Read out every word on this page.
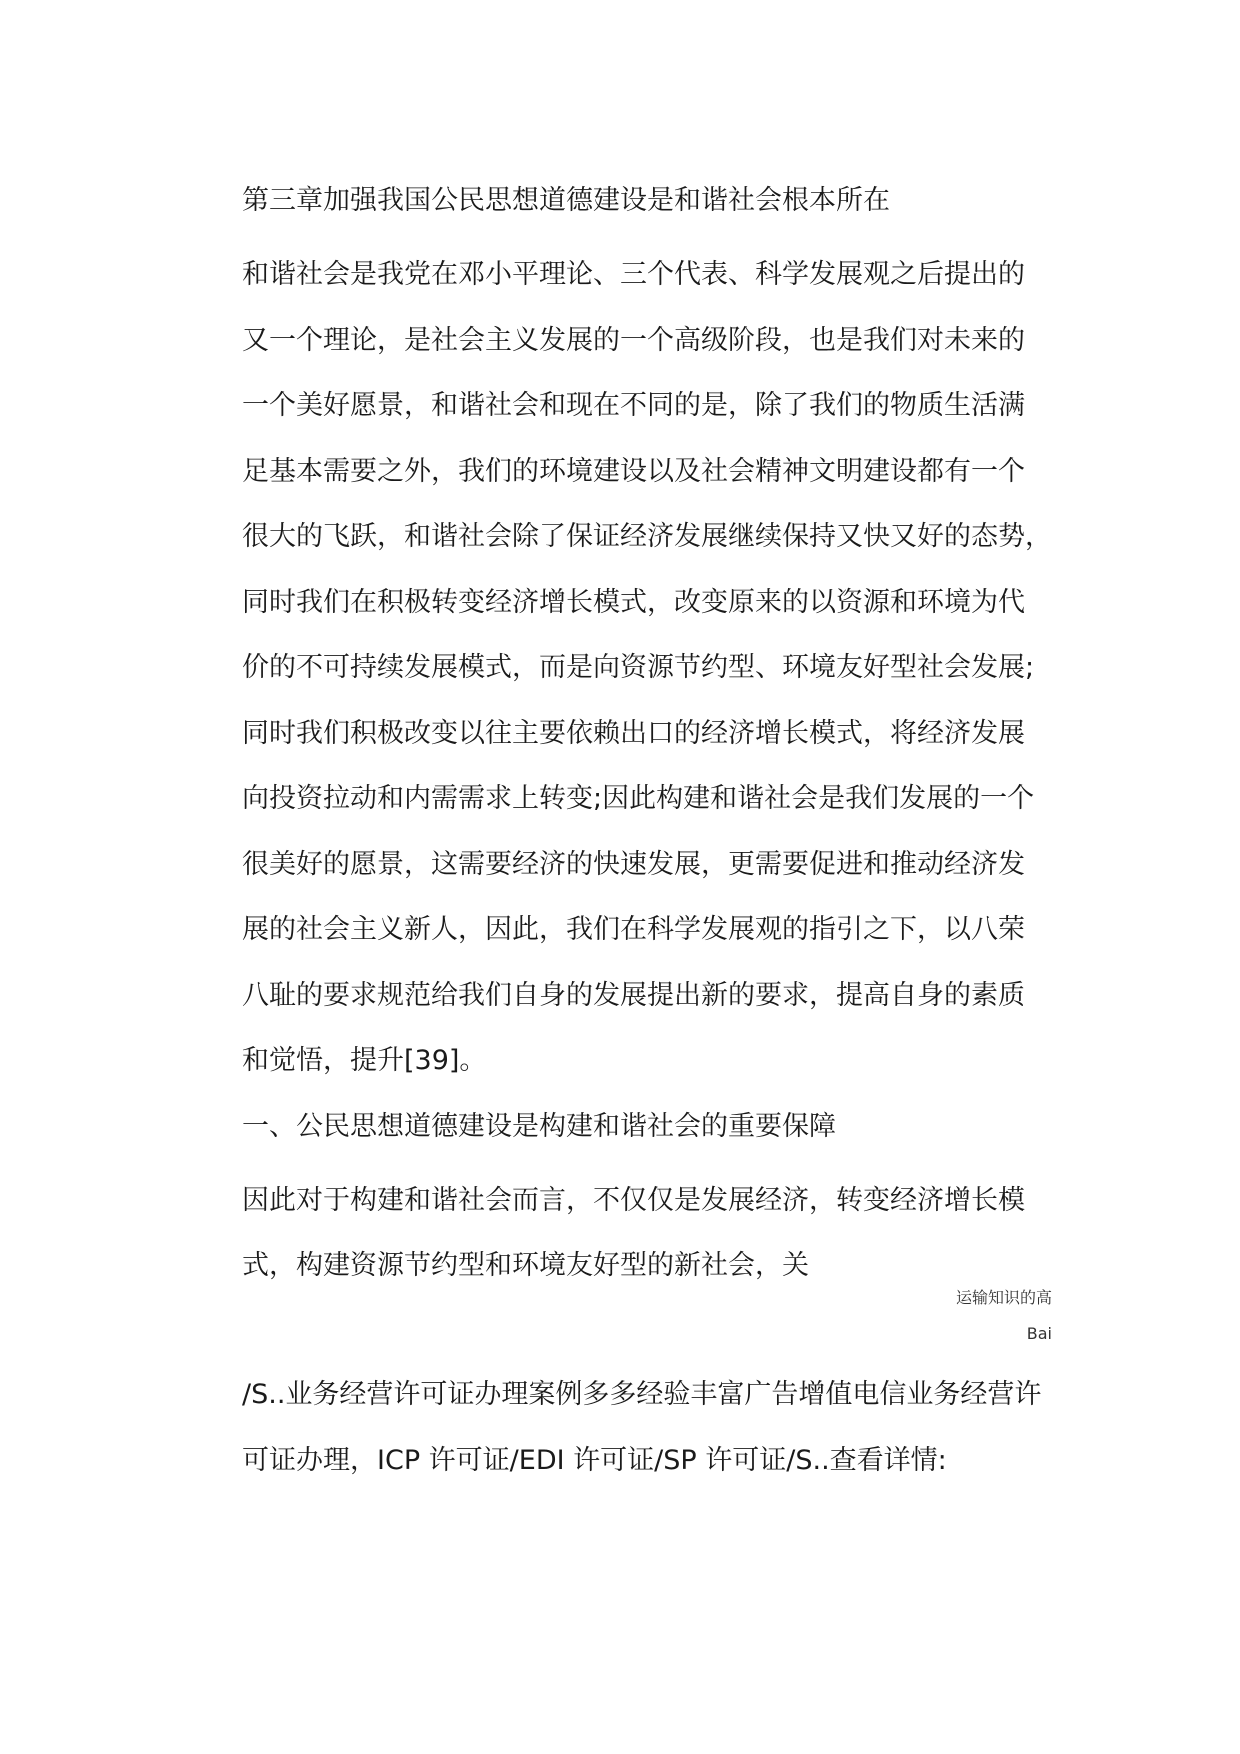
第三章加强我国公民思想道德建设是和谐社会根本所在

和谐社会是我党在邓小平理论、三个代表、科学发展观之后提出的
又一个理论，是社会主义发展的一个高级阶段，也是我们对未来的
一个美好愿景，和谐社会和现在不同的是，除了我们的物质生活满
足基本需要之外，我们的环境建设以及社会精神文明建设都有一个
很大的飞跃，和谐社会除了保证经济发展继续保持又快又好的态势，
同时我们在积极转变经济增长模式，改变原来的以资源和环境为代
价的不可持续发展模式，而是向资源节约型、环境友好型社会发展;
同时我们积极改变以往主要依赖出口的经济增长模式，将经济发展
向投资拉动和内需需求上转变;因此构建和谐社会是我们发展的一个
很美好的愿景，这需要经济的快速发展，更需要促进和推动经济发
展的社会主义新人，因此，我们在科学发展观的指引之下，以八荣
八耻的要求规范给我们自身的发展提出新的要求，提高自身的素质
和觉悟，提升[39]。

一、公民思想道德建设是构建和谐社会的重要保障

因此对于构建和谐社会而言，不仅仅是发展经济，转变经济增长模
式，构建资源节约型和环境友好型的新社会，关

运输知识的高
Bai

/S..业务经营许可证办理案例多多经验丰富广告增值电信业务经营许
可证办理，ICP 许可证/EDI 许可证/SP 许可证/S..查看详情:
